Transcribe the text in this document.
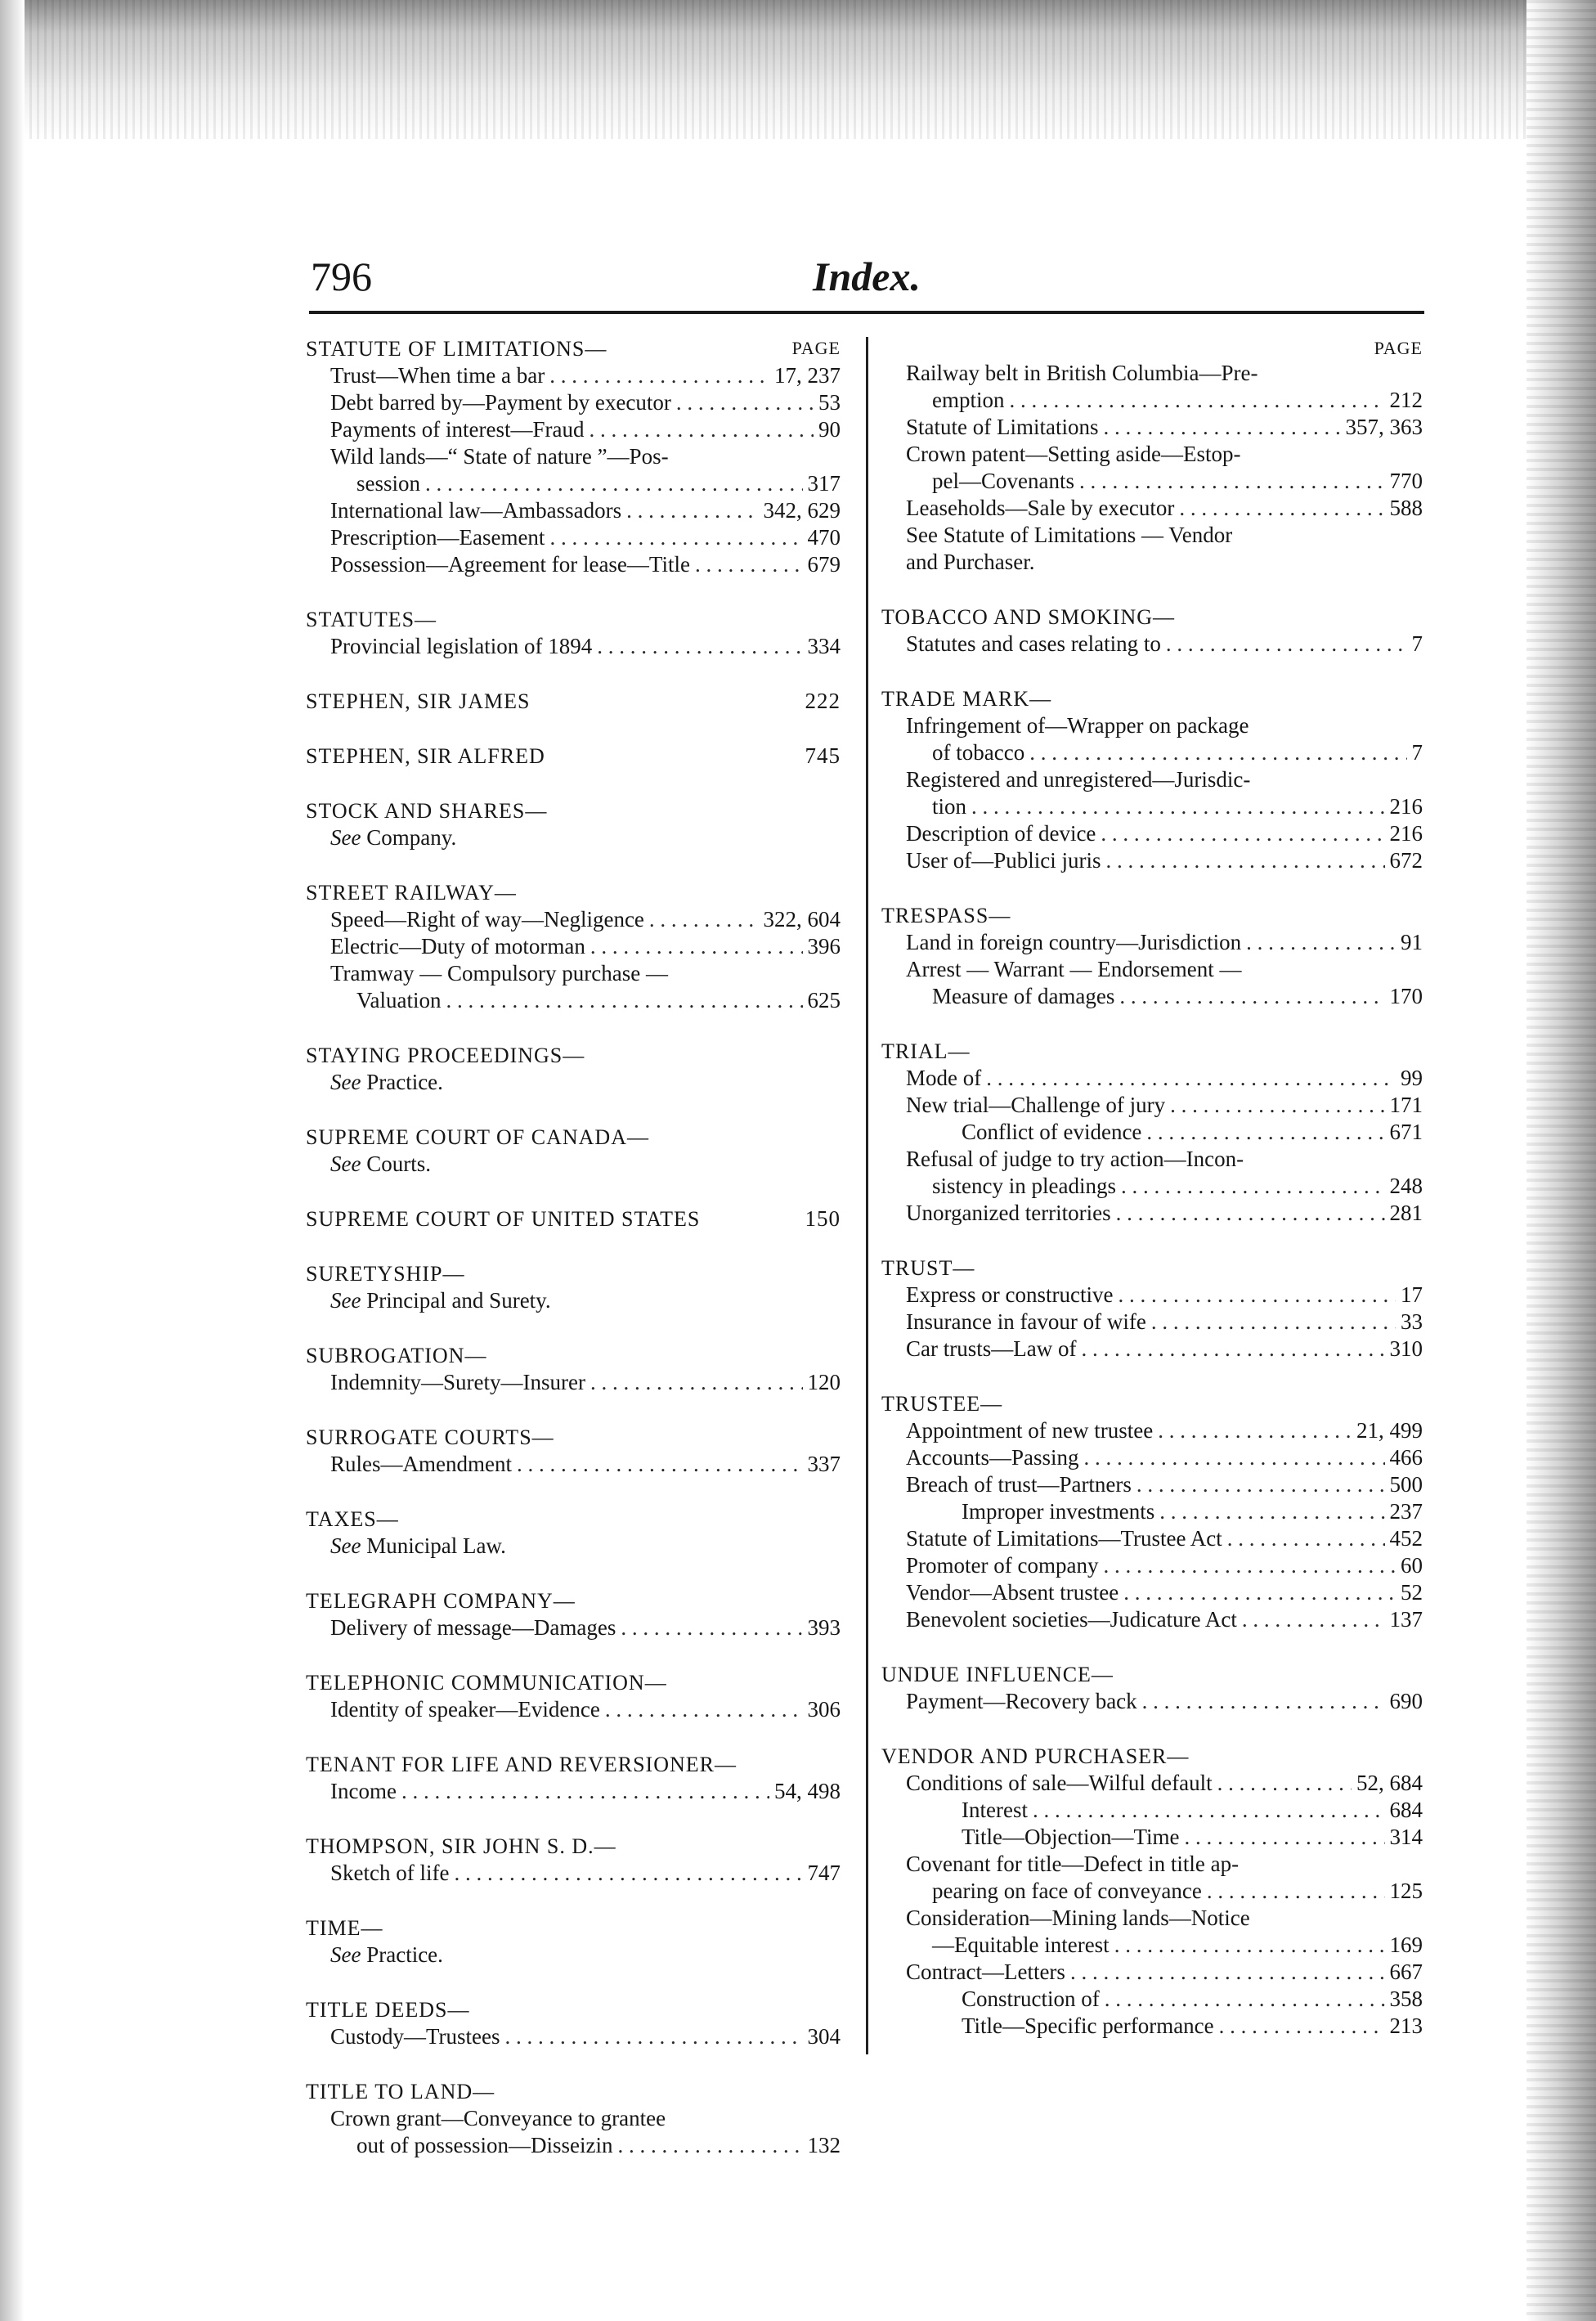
796	Index.
PAGE
STATUTE OF LIMITATIONS—
Trust—When time a bar . . .	17, 237
Debt barred by—Payment by executor . . .	53
Payments of interest—Fraud . . .	90
Wild lands—“ State of nature ”—Pos-
session . . .	317
International law—Ambassadors . . .	342, 629
Prescription—Easement . . .	470
Possession—Agreement for lease—Title . . .	679
STATUTES—
Provincial legislation of 1894 . . .	334
STEPHEN, SIR JAMES	222
STEPHEN, SIR ALFRED	745
STOCK AND SHARES—
See Company.
STREET RAILWAY—
Speed—Right of way—Negligence . . .	322, 604
Electric—Duty of motorman . . .	396
Tramway — Compulsory purchase —
Valuation . . .	625
STAYING PROCEEDINGS—
See Practice.
SUPREME COURT OF CANADA—
See Courts.
SUPREME COURT OF UNITED STATES	150
SURETYSHIP—
See Principal and Surety.
SUBROGATION—
Indemnity—Surety—Insurer . . .	120
SURROGATE COURTS—
Rules—Amendment . . .	337
TAXES—
See Municipal Law.
TELEGRAPH COMPANY—
Delivery of message—Damages . . .	393
TELEPHONIC COMMUNICATION—
Identity of speaker—Evidence . . .	306
TENANT FOR LIFE AND REVERSIONER—
Income . . .	54, 498
THOMPSON, SIR JOHN S. D.—
Sketch of life . . .	747
TIME—
See Practice.
TITLE DEEDS—
Custody—Trustees . . .	304
TITLE TO LAND—
Crown grant—Conveyance to grantee
out of possession—Disseizin . . .	132
PAGE
Railway belt in British Columbia—Pre-
emption . . .	212
Statute of Limitations . . .	357, 363
Crown patent—Setting aside—Estop-
pel—Covenants . . .	770
Leaseholds—Sale by executor . . .	588
See Statute of Limitations — Vendor
and Purchaser.
TOBACCO AND SMOKING—
Statutes and cases relating to . . .	7
TRADE MARK—
Infringement of—Wrapper on package
of tobacco . . .	7
Registered and unregistered—Jurisdic-
tion . . .	216
Description of device . . .	216
User of—Publici juris . . .	672
TRESPASS—
Land in foreign country—Jurisdiction . . .	91
Arrest — Warrant — Endorsement —
Measure of damages . . .	170
TRIAL—
Mode of . . .	99
New trial—Challenge of jury . . .	171
Conflict of evidence . . .	671
Refusal of judge to try action—Incon-
sistency in pleadings . . .	248
Unorganized territories . . .	281
TRUST—
Express or constructive . . .	17
Insurance in favour of wife . . .	33
Car trusts—Law of . . .	310
TRUSTEE—
Appointment of new trustee . . .	21, 499
Accounts—Passing . . .	466
Breach of trust—Partners . . .	500
Improper investments . . .	237
Statute of Limitations—Trustee Act . . .	452
Promoter of company . . .	60
Vendor—Absent trustee . . .	52
Benevolent societies—Judicature Act . . .	137
UNDUE INFLUENCE—
Payment—Recovery back . . .	690
VENDOR AND PURCHASER—
Conditions of sale—Wilful default . . .	52, 684
Interest . . .	684
Title—Objection—Time . . .	314
Covenant for title—Defect in title ap-
pearing on face of conveyance . . .	125
Consideration—Mining lands—Notice
—Equitable interest . . .	169
Contract—Letters . . .	667
Construction of . . .	358
Title—Specific performance . . .	213
